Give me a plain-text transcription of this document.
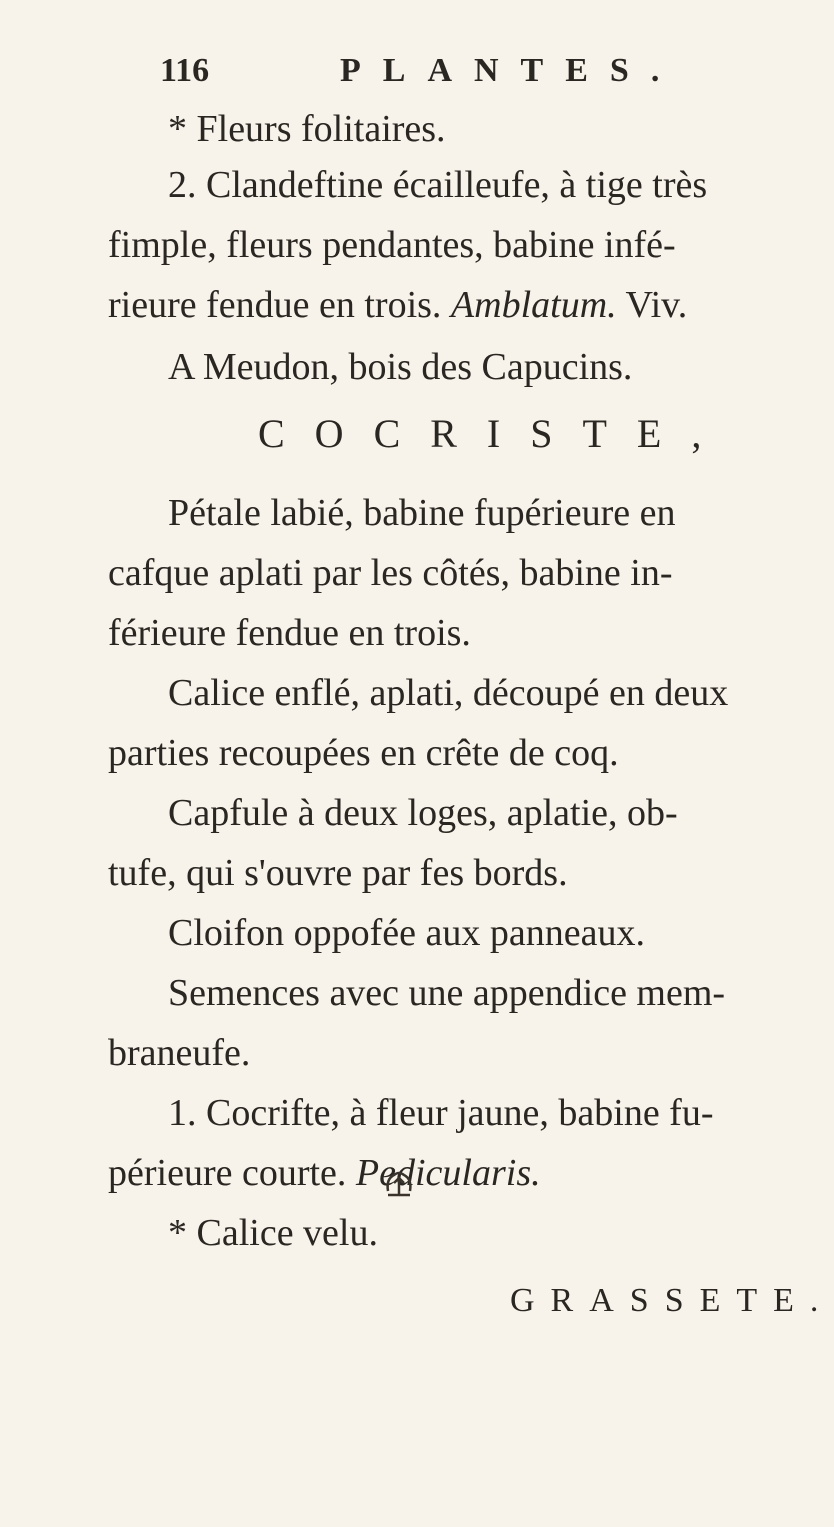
116	PLANTES.
* Fleurs folitaires.
2. Clandeftine écailleufe, à tige très
fimple, fleurs pendantes, babine infé-
rieure fendue en trois. Amblatum. Viv.
A Meudon, bois des Capucins.
COCRISTE,
Pétale labié, babine fupérieure en
cafque aplati par les côtés, babine in-
férieure fendue en trois.
Calice enflé, aplati, découpé en deux
parties recoupées en crête de coq.
Capfule à deux loges, aplatie, ob-
tufe, qui s'ouvre par fes bords.
Cloifon oppofée aux panneaux.
Semences avec une appendice mem-
braneufe.
1. Cocrifte, à fleur jaune, babine fu-
périeure courte. Pedicularis.
* Calice velu.
GRASSETE.
